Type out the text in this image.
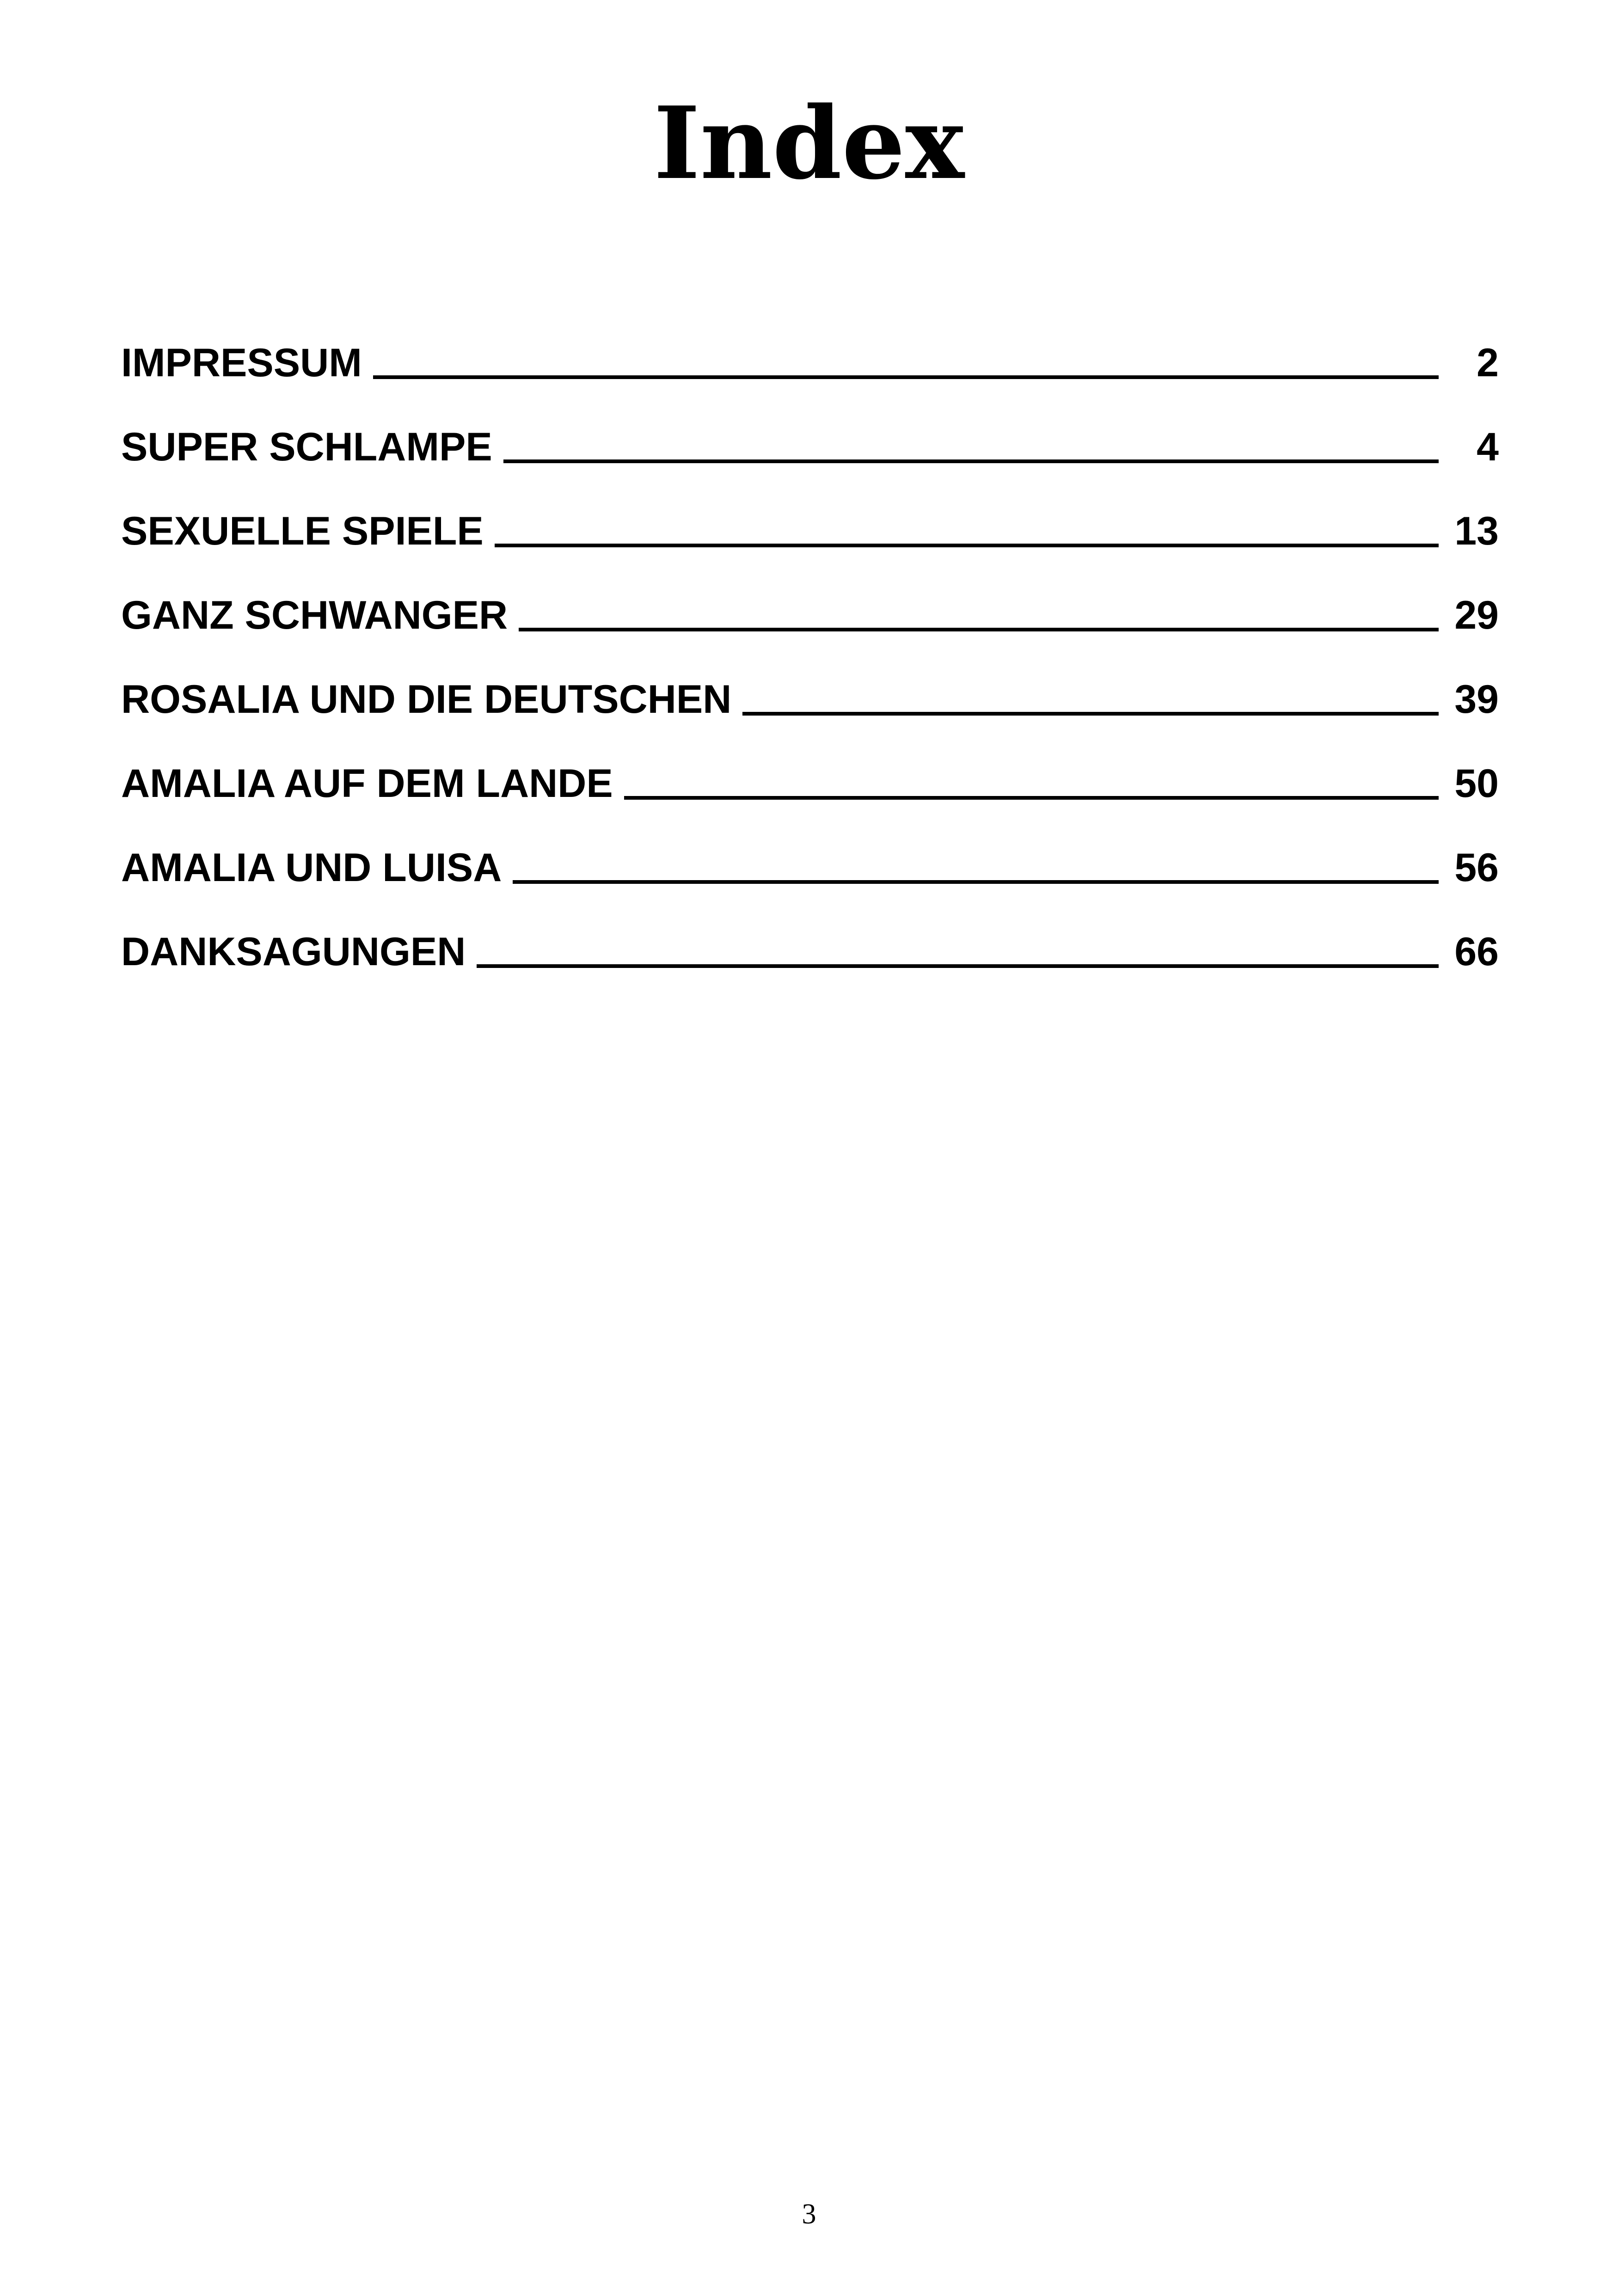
Index
IMPRESSUM	2
SUPER SCHLAMPE	4
SEXUELLE SPIELE	13
GANZ SCHWANGER	29
ROSALIA UND DIE DEUTSCHEN	39
AMALIA AUF DEM LANDE	50
AMALIA UND LUISA	56
DANKSAGUNGEN	66
3
